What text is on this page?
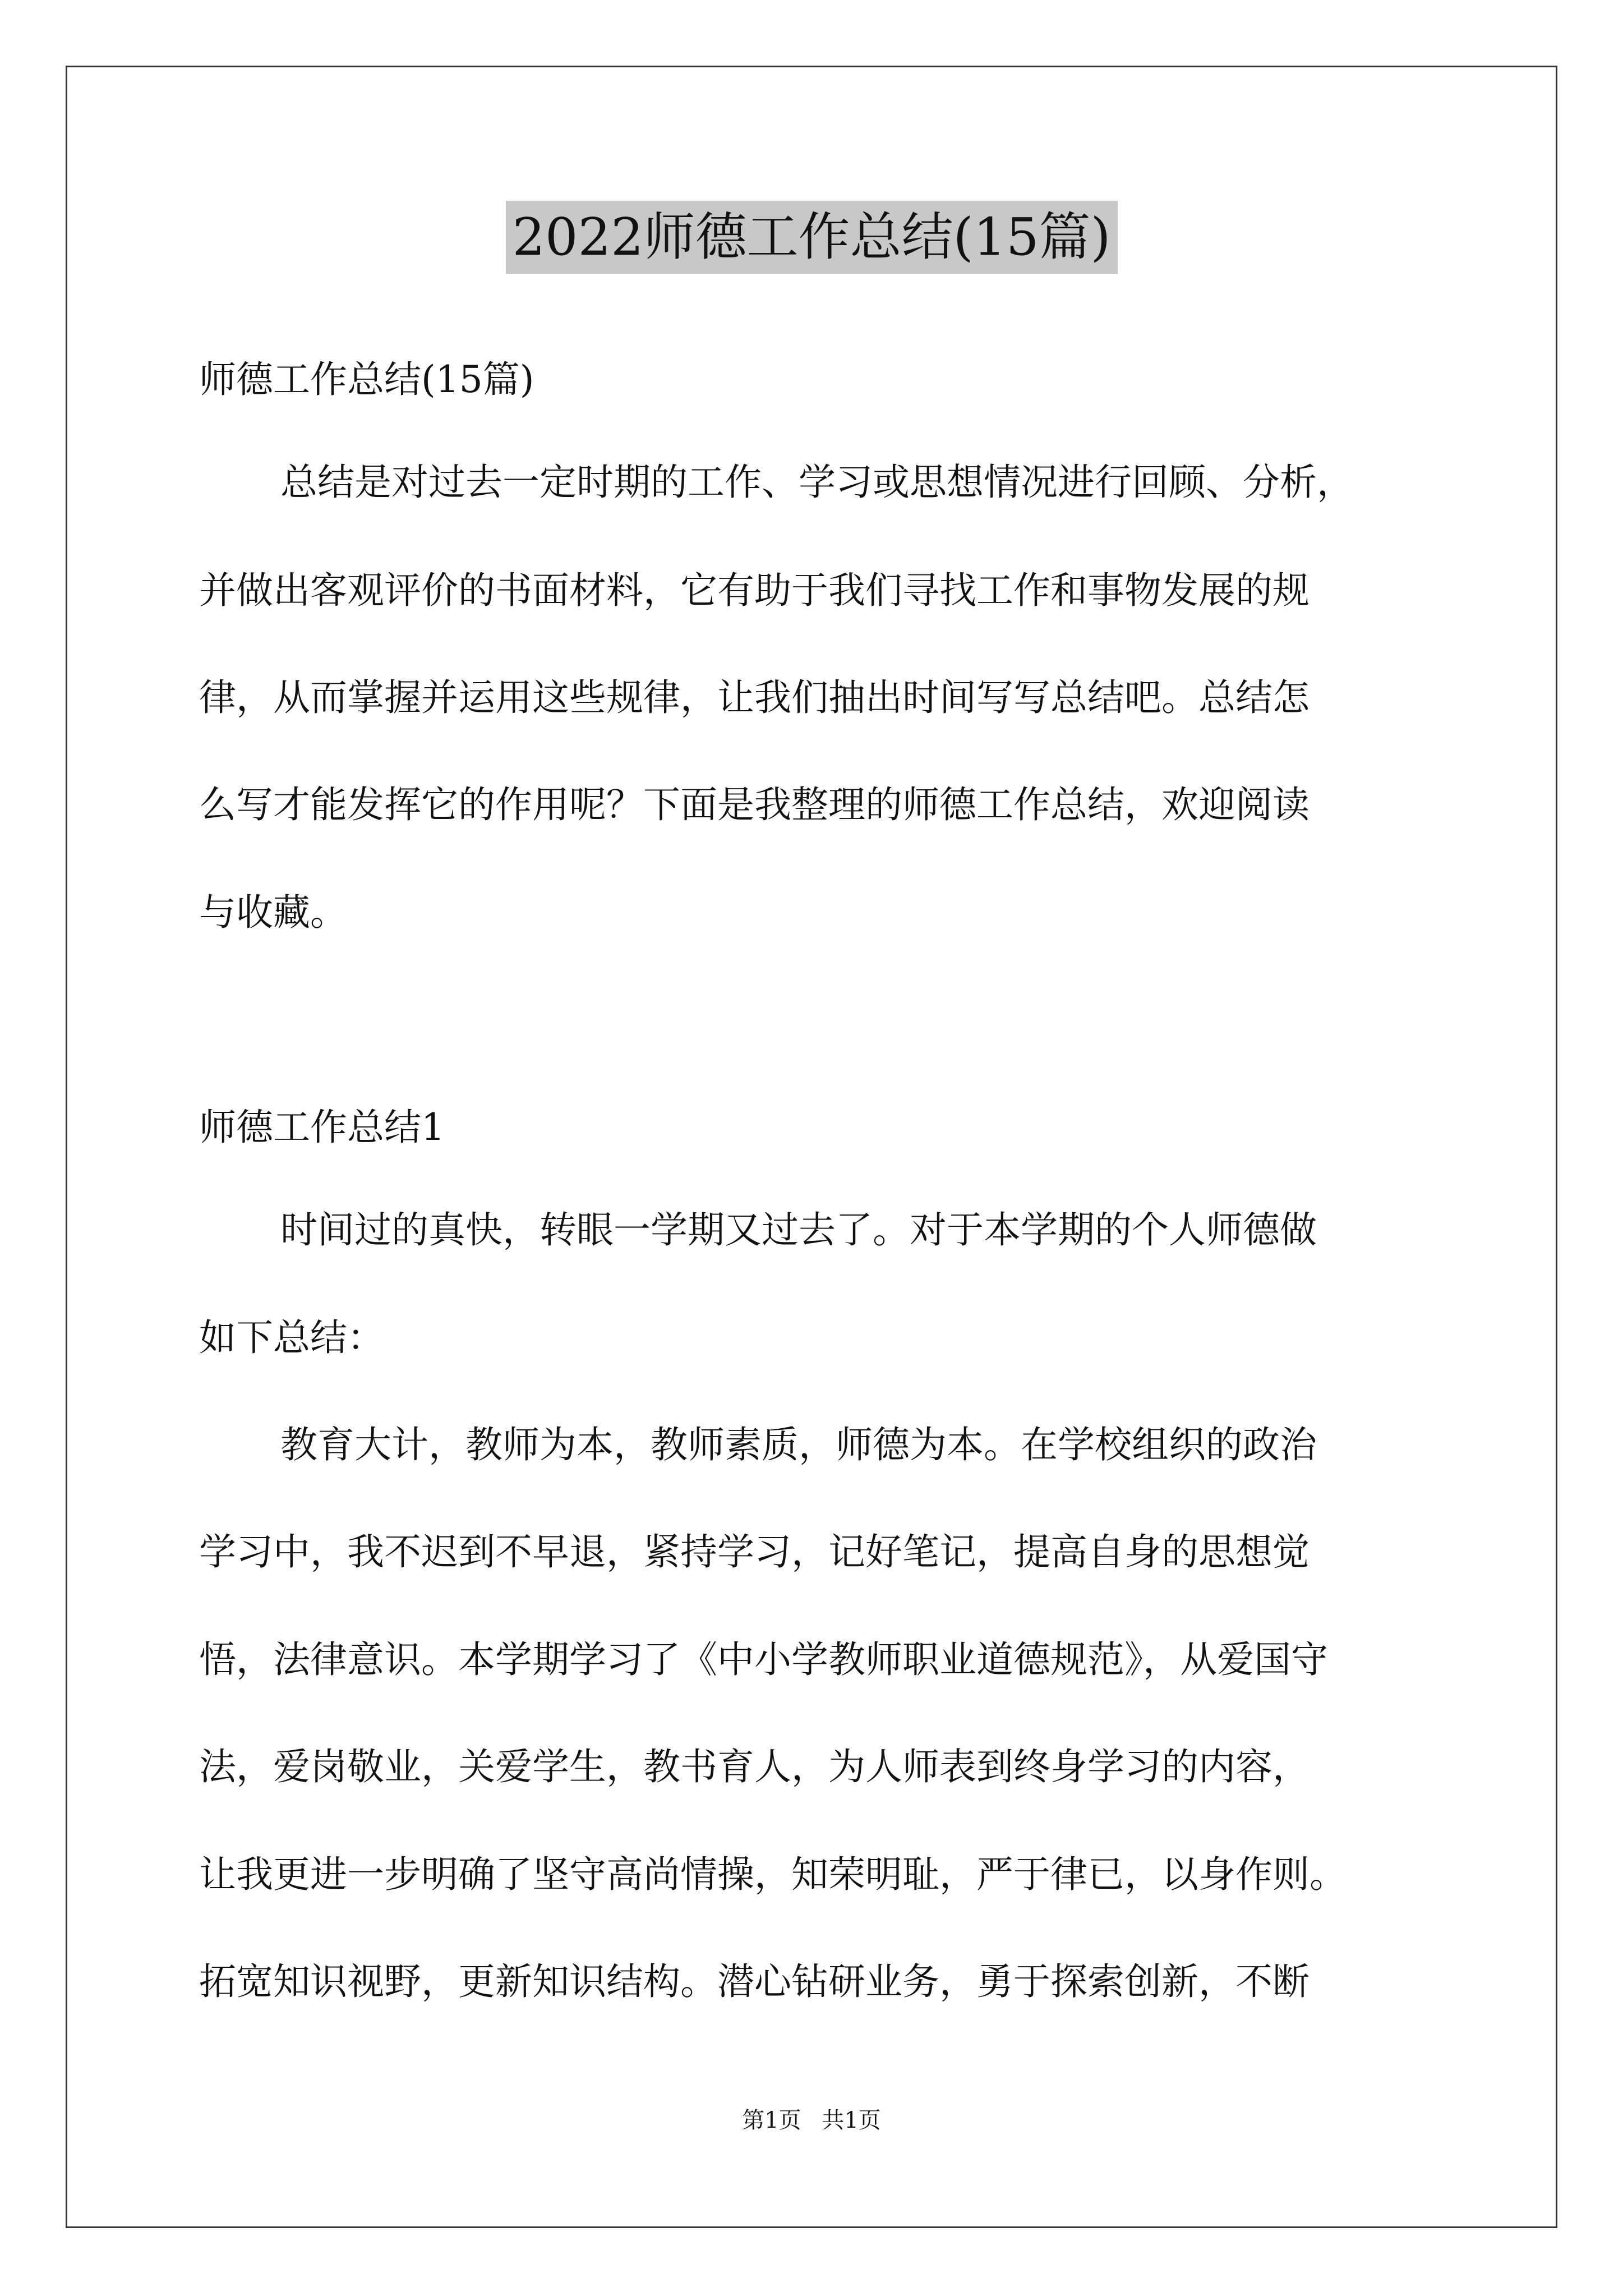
2022师德工作总结(15篇)
师德工作总结(15篇)
总结是对过去一定时期的工作、学习或思想情况进行回顾、分析，
并做出客观评价的书面材料，它有助于我们寻找工作和事物发展的规
律，从而掌握并运用这些规律，让我们抽出时间写写总结吧。总结怎
么写才能发挥它的作用呢？下面是我整理的师德工作总结，欢迎阅读
与收藏。
师德工作总结1
时间过的真快，转眼一学期又过去了。对于本学期的个人师德做
如下总结：
教育大计，教师为本，教师素质，师德为本。在学校组织的政治
学习中，我不迟到不早退，紧持学习，记好笔记，提高自身的思想觉
悟，法律意识。本学期学习了《中小学教师职业道德规范》，从爱国守
法，爱岗敬业，关爱学生，教书育人，为人师表到终身学习的内容，
让我更进一步明确了坚守高尚情操，知荣明耻，严于律已，以身作则。
拓宽知识视野，更新知识结构。潜心钻研业务，勇于探索创新，不断
第1页 共1页
